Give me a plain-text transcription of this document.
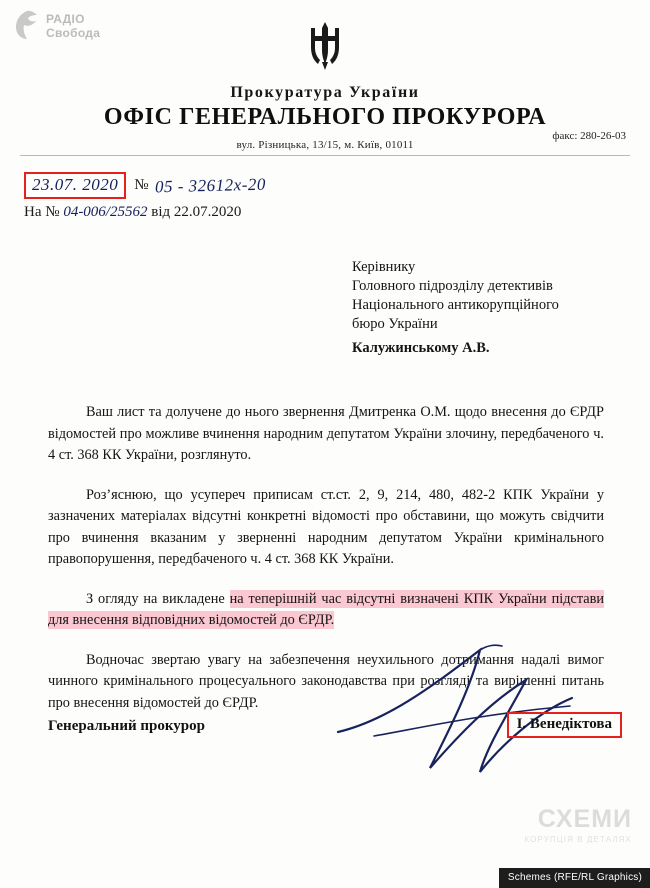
Прокуратура України
ОФІС ГЕНЕРАЛЬНОГО ПРОКУРОРА
вул. Різницька, 13/15, м. Київ, 01011
факс: 280-26-03
23.07. 2020	№ 05 - 32612х-20
На № 04-006/25562 від 22.07.2020
Керівнику
Головного підрозділу детективів
Національного антикорупційного
бюро України
Калужинському А.В.

Ваш лист та долучене до нього звернення Дмитренка О.М. щодо внесення до ЄРДР відомостей про можливе вчинення народним депутатом України злочину, передбаченого ч. 4 ст. 368 КК України, розглянуто.

Роз’яснюю, що усупереч приписам ст.ст. 2, 9, 214, 480, 482-2 КПК України у зазначених матеріалах відсутні конкретні відомості про обставини, що можуть свідчити про вчинення вказаним у зверненні народним депутатом України кримінального правопорушення, передбаченого ч. 4 ст. 368 КК України.

З огляду на викладене на теперішній час відсутні визначені КПК України підстави для внесення відповідних відомостей до ЄРДР.

Водночас звертаю увагу на забезпечення неухильного дотримання надалі вимог чинного кримінального процесуального законодавства при розгляді та вирішенні питань про внесення відомостей до ЄРДР.

Генеральний прокурор	І. Венедіктова
РАДІО
Свобода
СХЕМИ
КОРУПЦІЯ В ДЕТАЛЯХ
Schemes (RFE/RL Graphics)
